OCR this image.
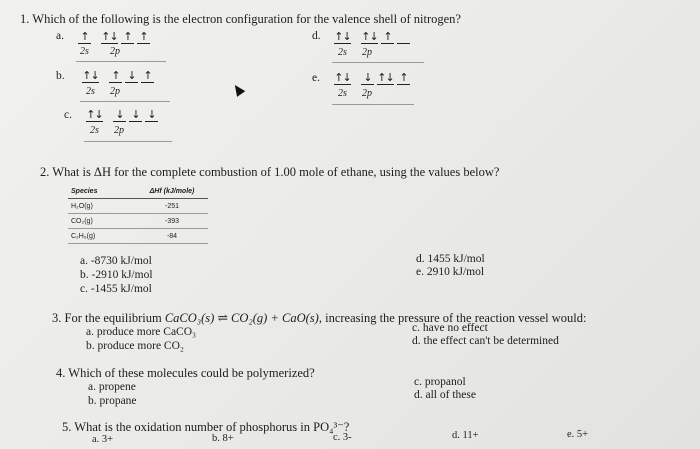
1. Which of the following is the electron configuration for the valence shell of nitrogen?
a. ↑ ↑↓ ↑ ↑
2s 2p
b. ↑↓ ↑ ↓ ↑
2s 2p
c. ↑↓ ↓ ↓ ↓
2s 2p
d. ↑↓ ↑↓ ↑
2s 2p
e. ↑↓ ↓ ↑↓ ↑
2s 2p
2. What is ΔH for the complete combustion of 1.00 mole of ethane, using the values below?
Species	ΔHf (kJ/mole)
H₂O(g)	-251
CO₂(g)	-393
C₂H₆(g)	-84
a. -8730 kJ/mol
b. -2910 kJ/mol
c. -1455 kJ/mol
d. 1455 kJ/mol
e. 2910 kJ/mol
3. For the equilibrium CaCO₃(s) ⇌ CO₂(g) + CaO(s), increasing the pressure of the reaction vessel would:
a. produce more CaCO₃
b. produce more CO₂
c. have no effect
d. the effect can't be determined
4. Which of these molecules could be polymerized?
a. propene
b. propane
c. propanol
d. all of these
5. What is the oxidation number of phosphorus in PO₄³⁻?
a. 3+	b. 8+	c. 3-	d. 11+	e. 5+
